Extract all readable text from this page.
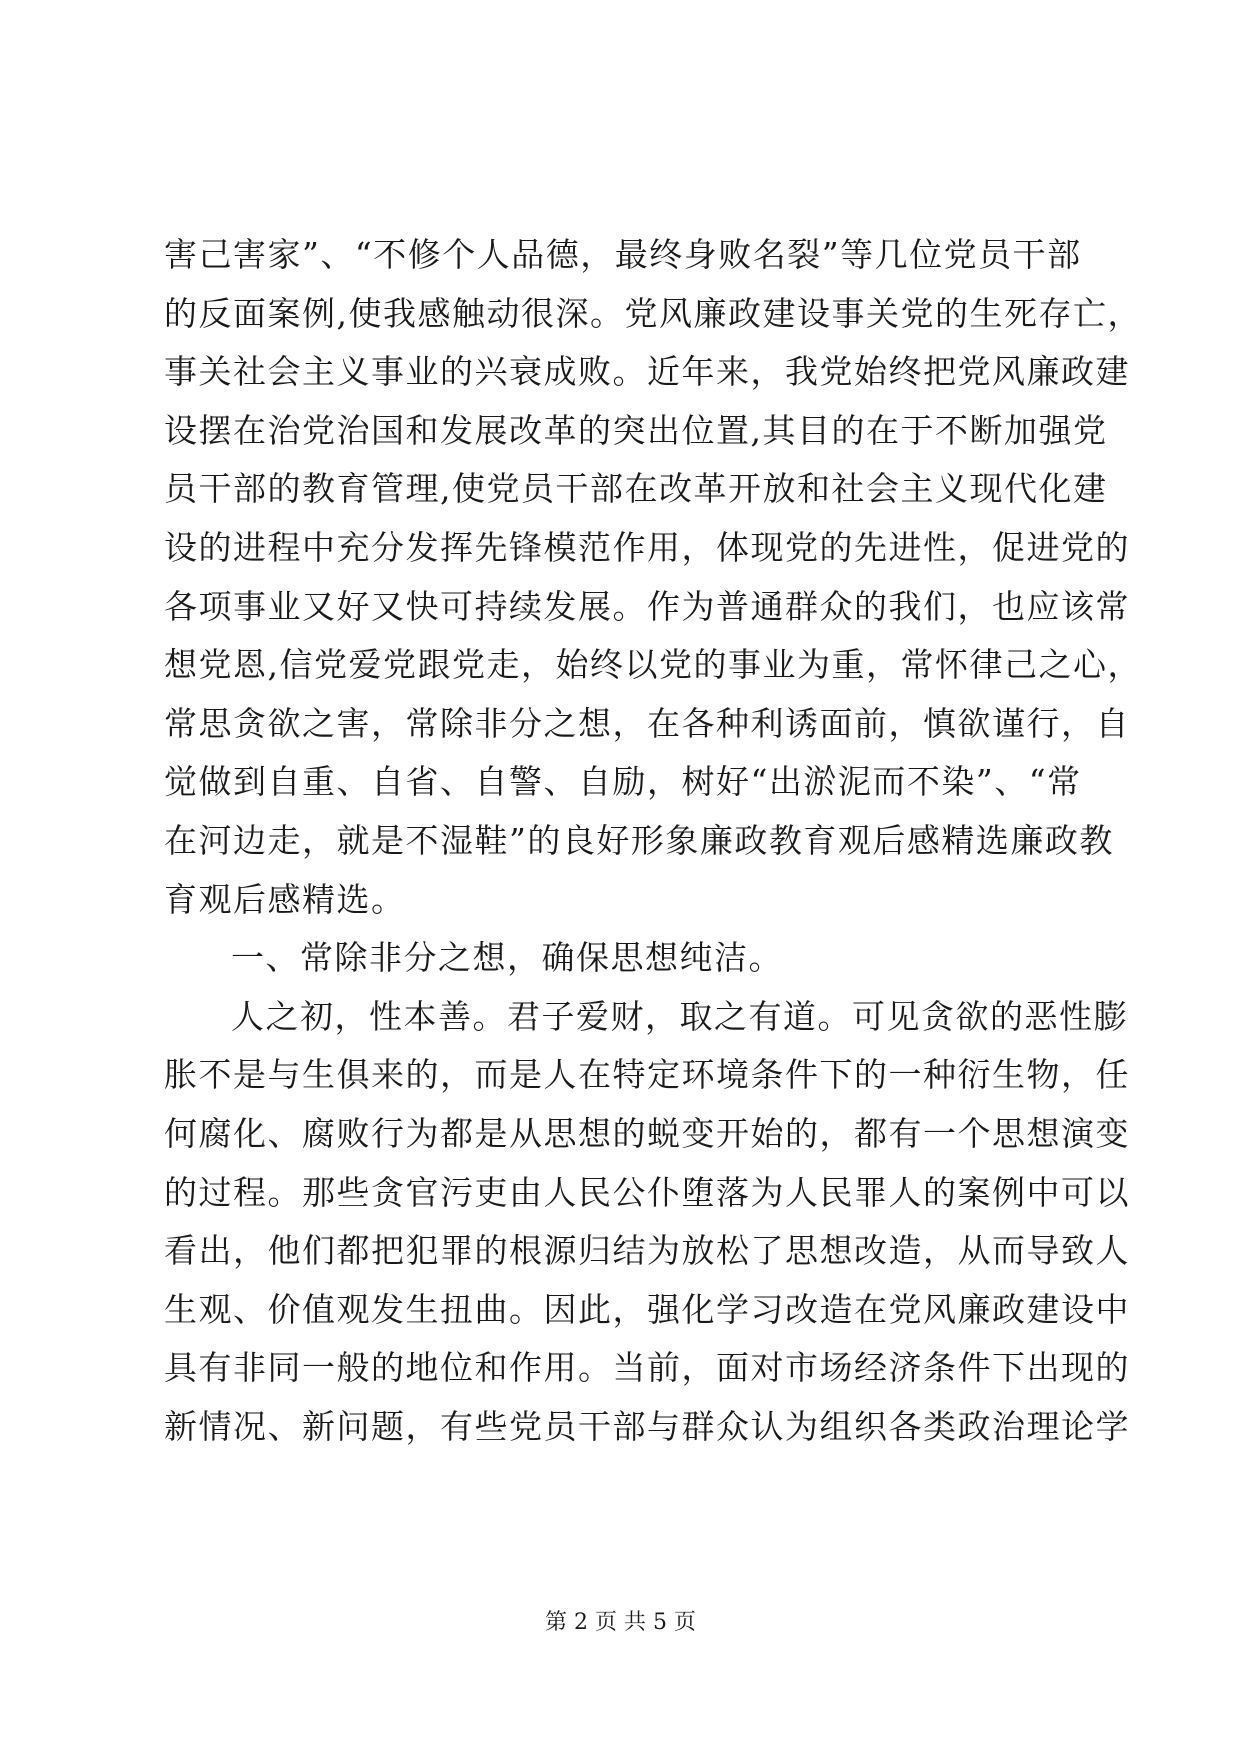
害己害家”、“不修个人品德，最终身败名裂”等几位党员干部
的反面案例,使我感触动很深。党风廉政建设事关党的生死存亡，
事关社会主义事业的兴衰成败。近年来，我党始终把党风廉政建
设摆在治党治国和发展改革的突出位置,其目的在于不断加强党
员干部的教育管理,使党员干部在改革开放和社会主义现代化建
设的进程中充分发挥先锋模范作用，体现党的先进性，促进党的
各项事业又好又快可持续发展。作为普通群众的我们，也应该常
想党恩,信党爱党跟党走，始终以党的事业为重，常怀律己之心，
常思贪欲之害，常除非分之想，在各种利诱面前，慎欲谨行，自
觉做到自重、自省、自警、自励，树好“出淤泥而不染”、“常
在河边走，就是不湿鞋”的良好形象廉政教育观后感精选廉政教
育观后感精选。
一、常除非分之想，确保思想纯洁。
人之初，性本善。君子爱财，取之有道。可见贪欲的恶性膨
胀不是与生俱来的，而是人在特定环境条件下的一种衍生物，任
何腐化、腐败行为都是从思想的蜕变开始的，都有一个思想演变
的过程。那些贪官污吏由人民公仆堕落为人民罪人的案例中可以
看出，他们都把犯罪的根源归结为放松了思想改造，从而导致人
生观、价值观发生扭曲。因此，强化学习改造在党风廉政建设中
具有非同一般的地位和作用。当前，面对市场经济条件下出现的
新情况、新问题，有些党员干部与群众认为组织各类政治理论学
第 2 页 共 5 页
